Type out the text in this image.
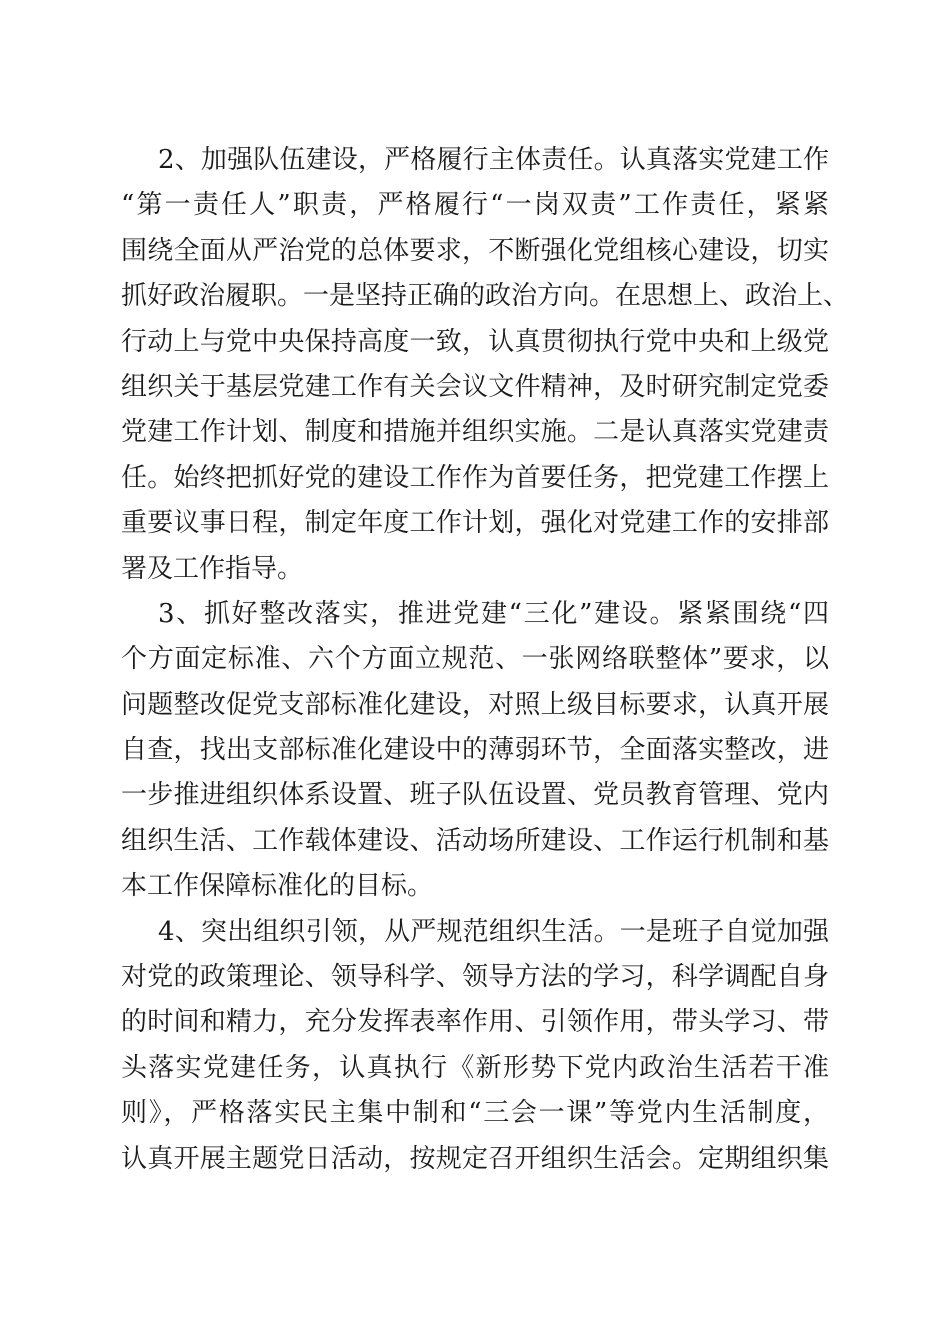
2、加强队伍建设，严格履行主体责任。认真落实党建工作
“第一责任人”职责，严格履行“一岗双责”工作责任，紧紧
围绕全面从严治党的总体要求，不断强化党组核心建设，切实
抓好政治履职。一是坚持正确的政治方向。在思想上、政治上、
行动上与党中央保持高度一致，认真贯彻执行党中央和上级党
组织关于基层党建工作有关会议文件精神，及时研究制定党委
党建工作计划、制度和措施并组织实施。二是认真落实党建责
任。始终把抓好党的建设工作作为首要任务，把党建工作摆上
重要议事日程，制定年度工作计划，强化对党建工作的安排部
署及工作指导。
3、抓好整改落实，推进党建“三化”建设。紧紧围绕“四
个方面定标准、六个方面立规范、一张网络联整体”要求，以
问题整改促党支部标准化建设，对照上级目标要求，认真开展
自查，找出支部标准化建设中的薄弱环节，全面落实整改，进
一步推进组织体系设置、班子队伍设置、党员教育管理、党内
组织生活、工作载体建设、活动场所建设、工作运行机制和基
本工作保障标准化的目标。
4、突出组织引领，从严规范组织生活。一是班子自觉加强
对党的政策理论、领导科学、领导方法的学习，科学调配自身
的时间和精力，充分发挥表率作用、引领作用，带头学习、带
头落实党建任务，认真执行《新形势下党内政治生活若干准
则》，严格落实民主集中制和“三会一课”等党内生活制度，
认真开展主题党日活动，按规定召开组织生活会。定期组织集
